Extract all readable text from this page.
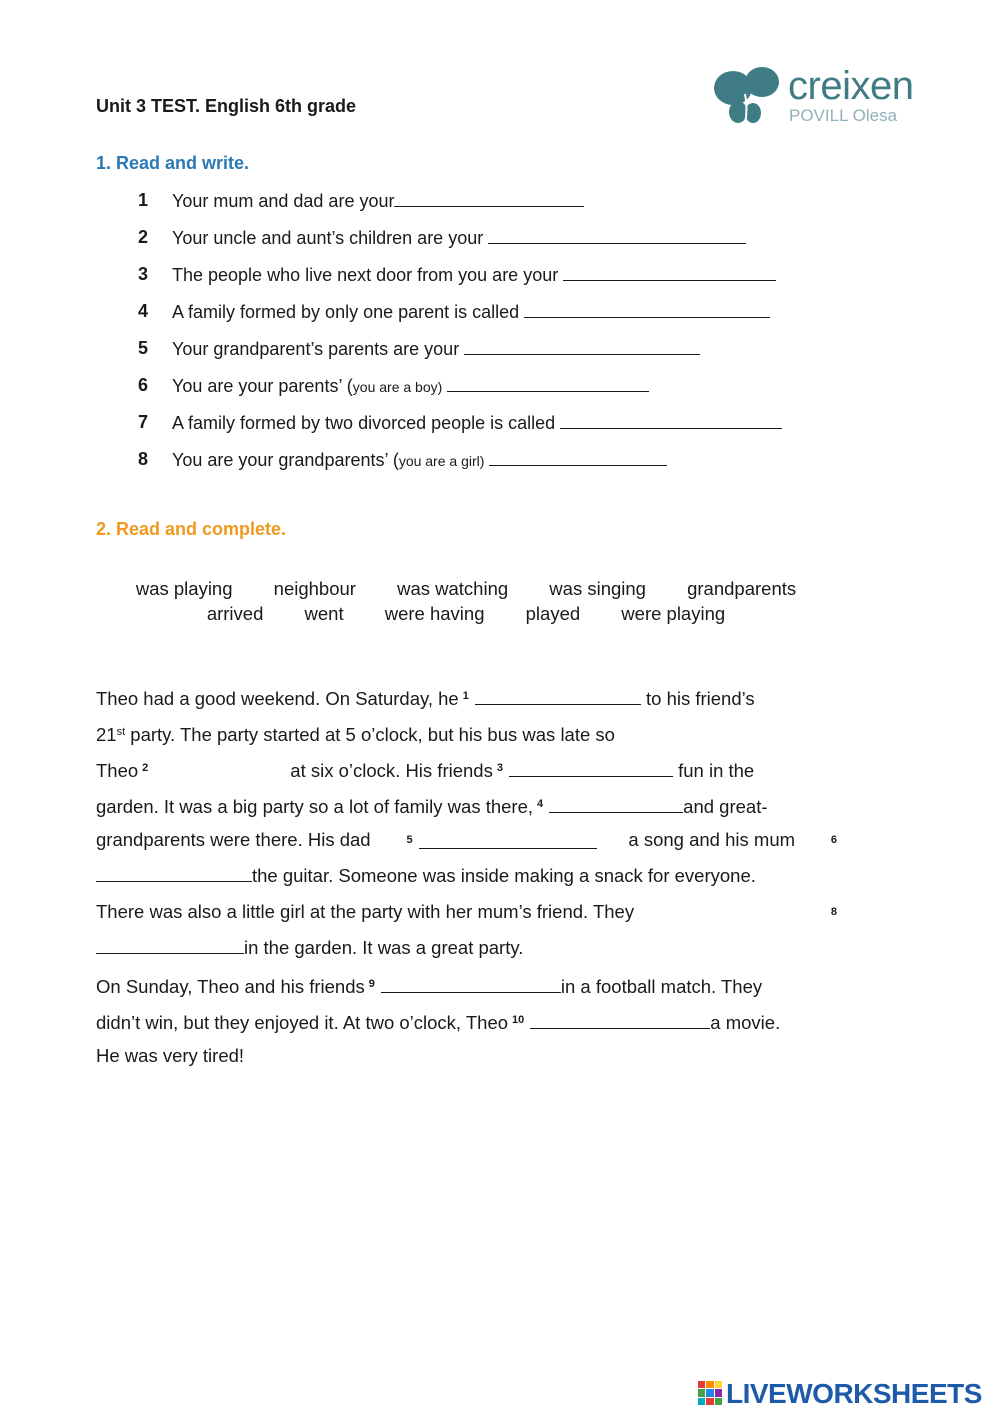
Unit 3 TEST. English 6th grade	creixen
POVILL Olesa
1. Read and write.
1	Your mum and dad are your
2	Your uncle and aunt’s children are your
3	The people who live next door from you are your
4	A family formed by only one parent is called
5	Your grandparent’s parents are your
6	You are your parents’ (you are a boy)
7	A family formed by two divorced people is called
8	You are your grandparents’ (you are a girl)
2. Read and complete.
was playing neighbour was watching was singing grandparents
arrived went were having played were playing
Theo had a good weekend. On Saturday, he $^1$	to his friend’s
21st party. The party started at 5 o’clock, but his bus was late so
Theo $^2$	at six o’clock. His friends $^3$	fun in the
garden. It was a big party so a lot of family was there, $^4$	and great-
grandparents were there. His dad	$^5$	a song and his mum	6
the guitar. Someone was inside making a snack for everyone.
There was also a little girl at the party with her mum’s friend. They	8
in the garden. It was a great party.
On Sunday, Theo and his friends $^9$	in a football match. They
didn’t win, but they enjoyed it. At two o’clock, Theo $^{10}$	a movie.
He was very tired!
LIVEWORKSHEETS
